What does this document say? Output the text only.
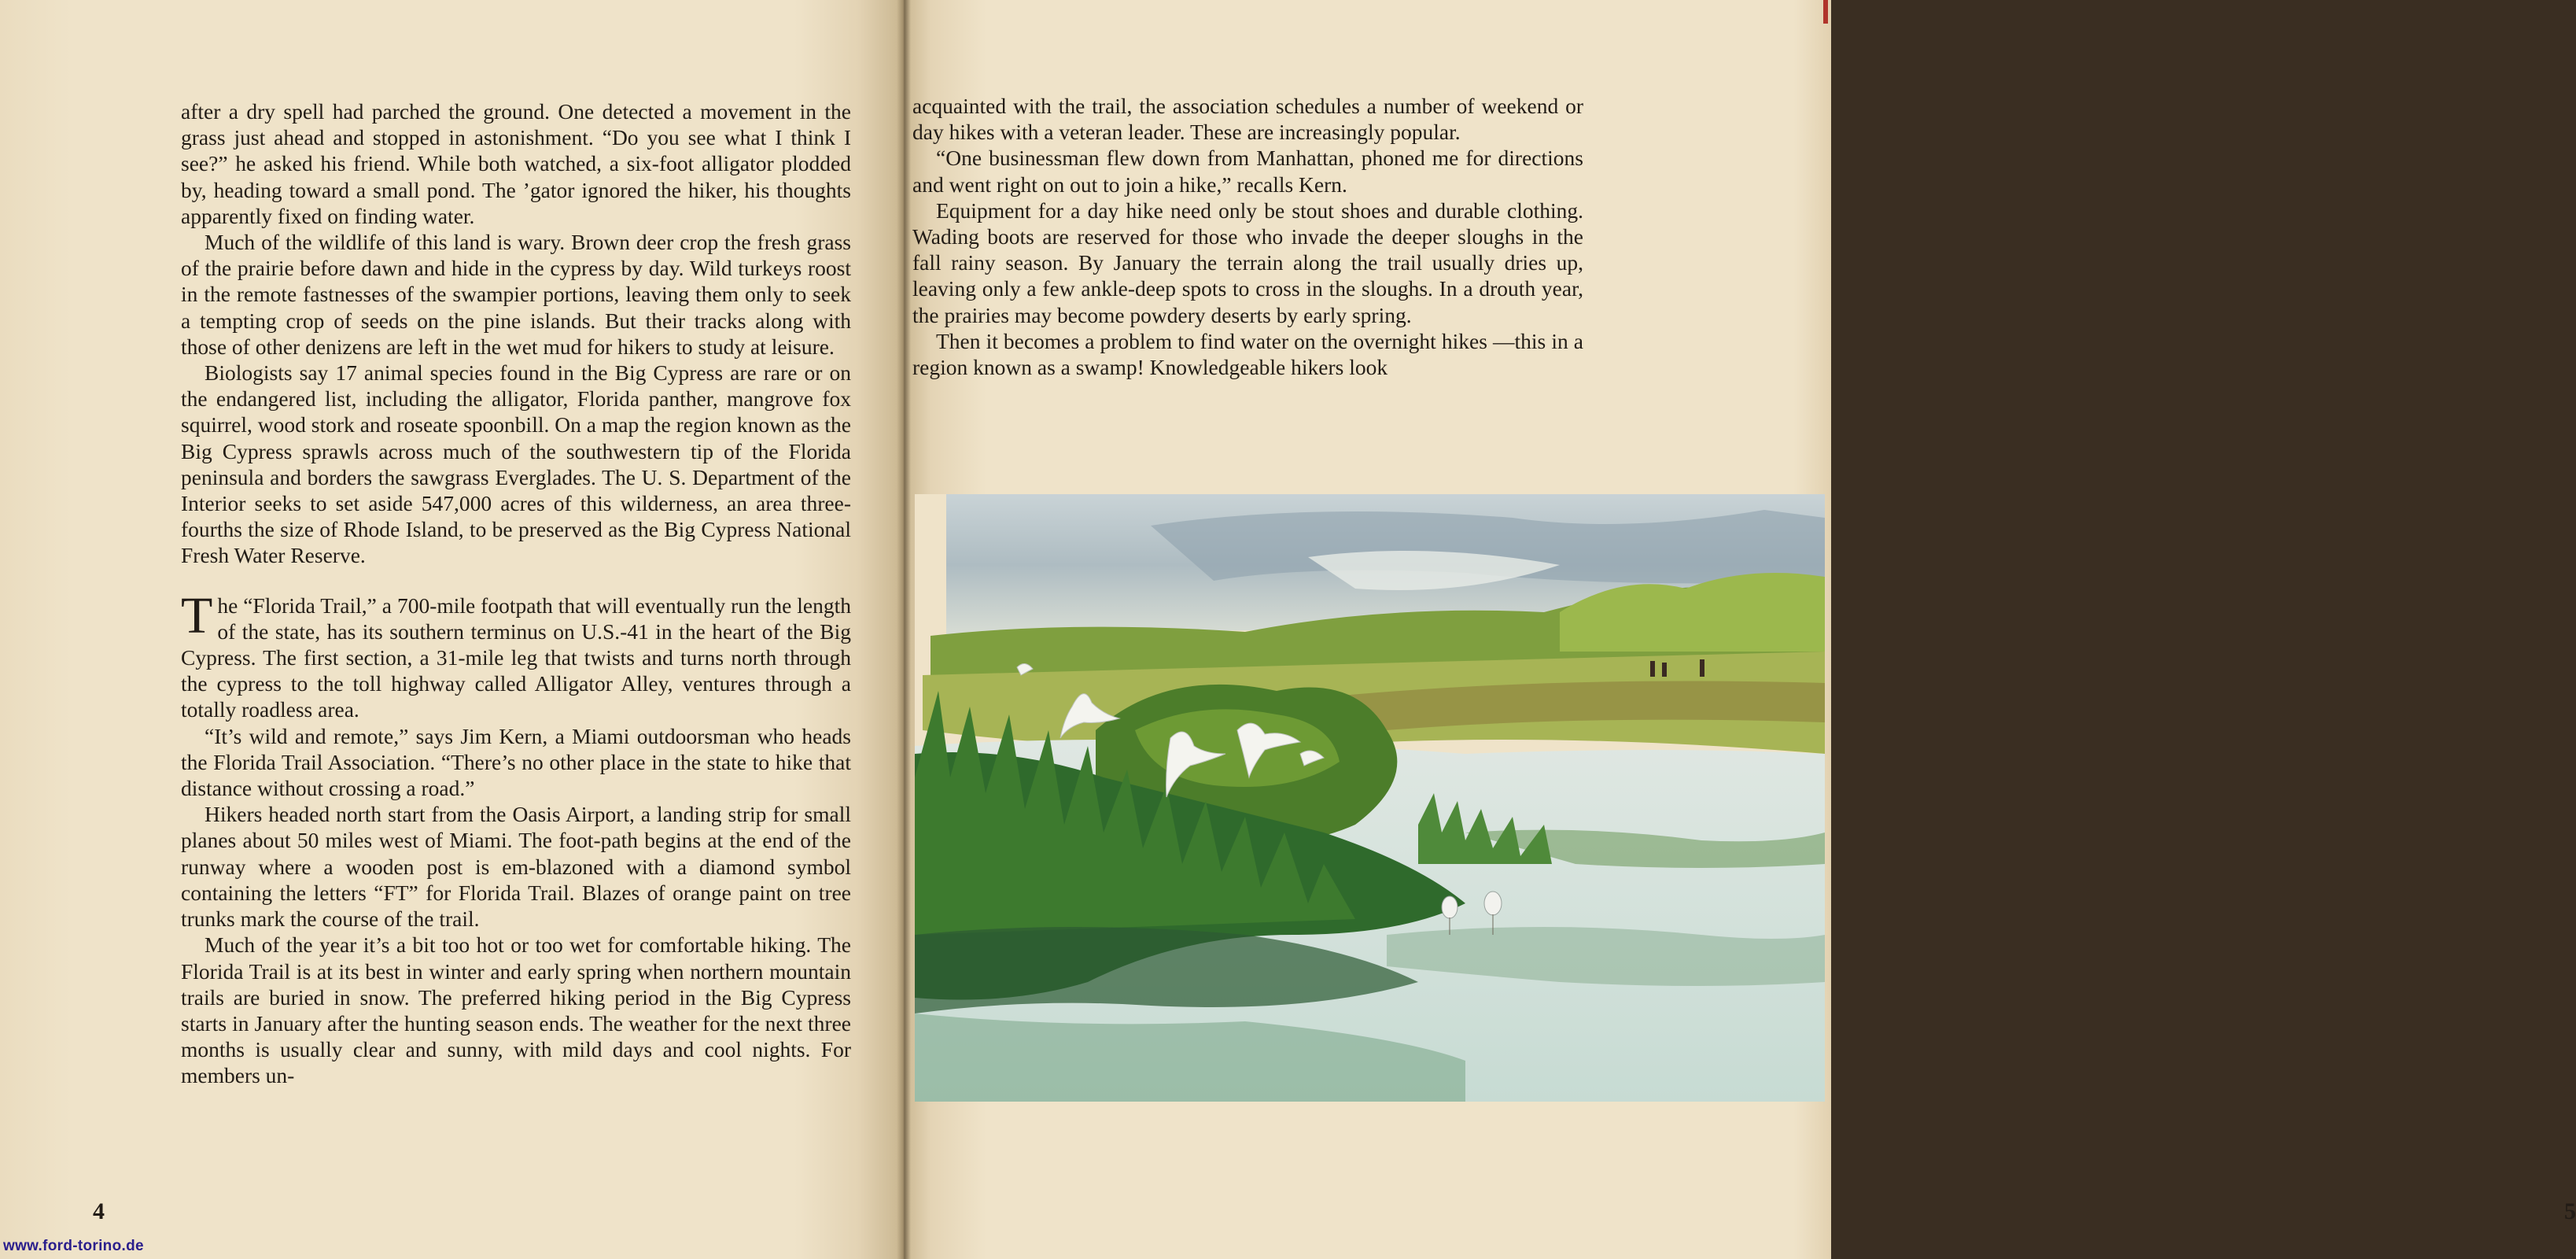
after a dry spell had parched the ground. One detected a movement in the grass just ahead and stopped in astonishment. “Do you see what I think I see?” he asked his friend. While both watched, a six-foot alligator plodded by, heading toward a small pond. The ’gator ignored the hiker, his thoughts apparently fixed on finding water.

Much of the wildlife of this land is wary. Brown deer crop the fresh grass of the prairie before dawn and hide in the cypress by day. Wild turkeys roost in the remote fastnesses of the swampier portions, leaving them only to seek a tempting crop of seeds on the pine islands. But their tracks along with those of other denizens are left in the wet mud for hikers to study at leisure.

Biologists say 17 animal species found in the Big Cypress are rare or on the endangered list, including the alligator, Florida panther, mangrove fox squirrel, wood stork and roseate spoonbill. On a map the region known as the Big Cypress sprawls across much of the southwestern tip of the Florida peninsula and borders the sawgrass Everglades. The U. S. Department of the Interior seeks to set aside 547,000 acres of this wilderness, an area three-fourths the size of Rhode Island, to be preserved as the Big Cypress National Fresh Water Reserve.

The “Florida Trail,” a 700-mile footpath that will eventually run the length of the state, has its southern terminus on U.S.-41 in the heart of the Big Cypress. The first section, a 31-mile leg that twists and turns north through the cypress to the toll highway called Alligator Alley, ventures through a totally roadless area.

“It’s wild and remote,” says Jim Kern, a Miami outdoorsman who heads the Florida Trail Association. “There’s no other place in the state to hike that distance without crossing a road.”

Hikers headed north start from the Oasis Airport, a landing strip for small planes about 50 miles west of Miami. The foot-path begins at the end of the runway where a wooden post is em-blazoned with a diamond symbol containing the letters “FT” for Florida Trail. Blazes of orange paint on tree trunks mark the course of the trail.

Much of the year it’s a bit too hot or too wet for comfortable hiking. The Florida Trail is at its best in winter and early spring when northern mountain trails are buried in snow. The preferred hiking period in the Big Cypress starts in January after the hunting season ends. The weather for the next three months is usually clear and sunny, with mild days and cool nights. For members un-

4
www.ford-torino.de
5

acquainted with the trail, the association schedules a number of weekend or day hikes with a veteran leader. These are increasingly popular.

“One businessman flew down from Manhattan, phoned me for directions and went right on out to join a hike,” recalls Kern.

Equipment for a day hike need only be stout shoes and durable clothing. Wading boots are reserved for those who invade the deeper sloughs in the fall rainy season. By January the terrain along the trail usually dries up, leaving only a few ankle-deep spots to cross in the sloughs. In a drouth year, the prairies may become powdery deserts by early spring.

Then it becomes a problem to find water on the overnight hikes —this in a region known as a swamp! Knowledgeable hikers look
